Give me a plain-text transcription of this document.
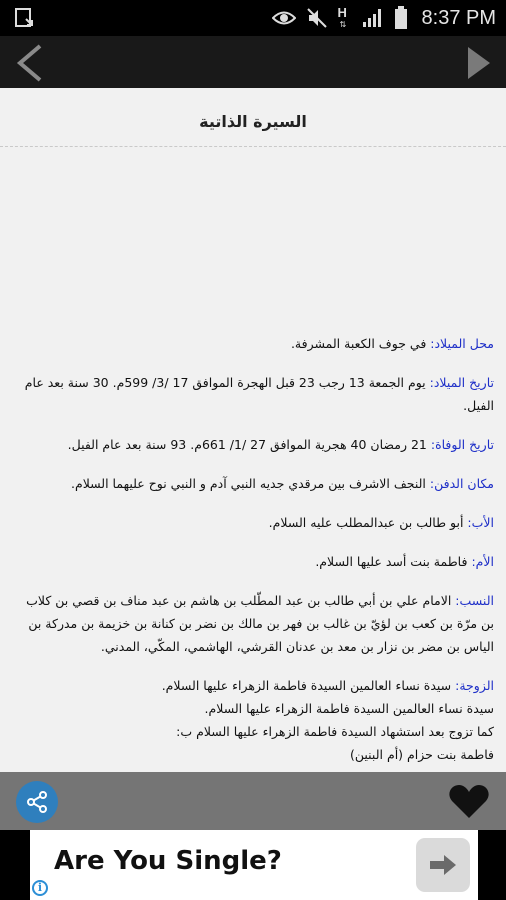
H
⇅	8:37 PM
السيرة الذاتية

محل الميلاد: في جوف الكعبة المشرفة.

تاريخ الميلاد: يوم الجمعة 13 رجب 23 قبل الهجرة الموافق 17 /3/ 599م. 30 سنة بعد عام الفيل.

تاريخ الوفاة: 21 رمضان 40 هجرية الموافق 27 /1/ 661م. 93 سنة بعد عام الفيل.

مكان الدفن: النجف الاشرف بين مرقدي جديه النبي آدم و النبي نوح عليهما السلام.

الأب: أبو طالب بن عبدالمطلب عليه السلام.

الأم: فاطمة بنت أسد عليها السلام.

النسب: الامام علي بن أبي طالب بن عبد المطّلب بن هاشم بن عبد مناف بن قصي بن كلاب بن مرّة بن كعب بن لؤيّ بن غالب بن فهر بن مالك بن نضر بن كنانة بن خزيمة بن مدركة بن الياس بن مضر بن نزار بن معد بن عدنان القرشي، الهاشمي، المكّي، المدني.

الزوجة: سيدة نساء العالمين السيدة فاطمة الزهراء عليها السلام.

سيدة نساء العالمين السيدة فاطمة الزهراء عليها السلام.

كما تزوج بعد استشهاد السيدة فاطمة الزهراء عليها السلام ب:

فاطمة بنت حزام (أم البنين)

Are You Single?
i
